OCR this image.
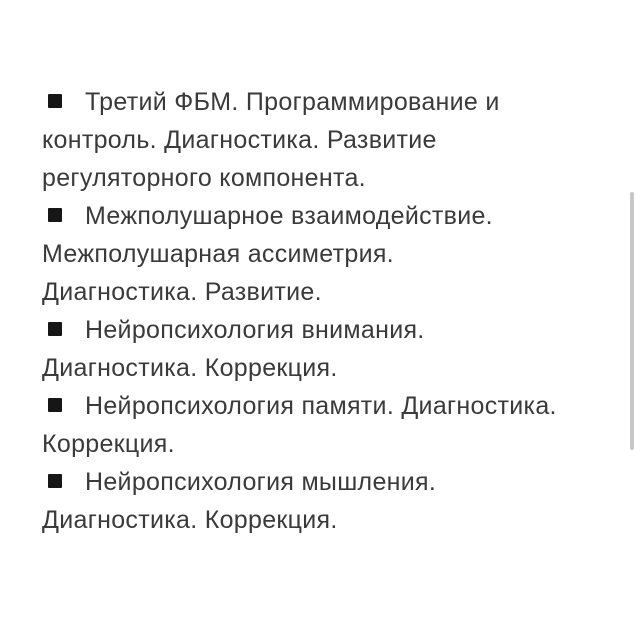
Третий ФБМ. Программирование и
контроль. Диагностика. Развитие
регуляторного компонента.
Межполушарное взаимодействие.
Межполушарная ассиметрия.
Диагностика. Развитие.
Нейропсихология внимания.
Диагностика. Коррекция.
Нейропсихология памяти. Диагностика.
Коррекция.
Нейропсихология мышления.
Диагностика. Коррекция.
